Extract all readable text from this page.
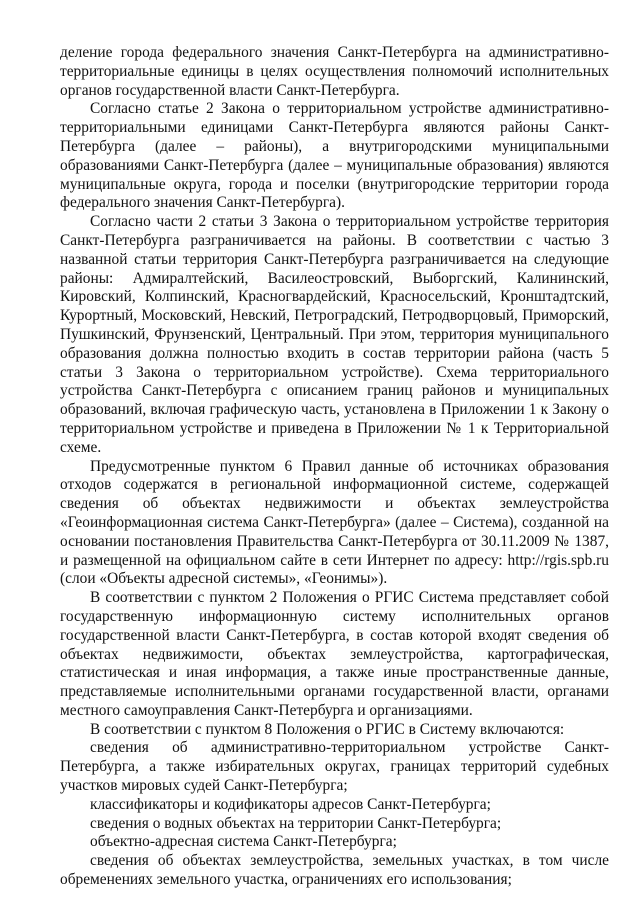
деление города федерального значения Санкт-Петербурга на административно-территориальные единицы в целях осуществления полномочий исполнительных органов государственной власти Санкт-Петербурга.

Согласно статье 2 Закона о территориальном устройстве административно-территориальными единицами Санкт-Петербурга являются районы Санкт-Петербурга (далее – районы), а внутригородскими муниципальными образованиями Санкт-Петербурга (далее – муниципальные образования) являются муниципальные округа, города и поселки (внутригородские территории города федерального значения Санкт-Петербурга).

Согласно части 2 статьи 3 Закона о территориальном устройстве территория Санкт-Петербурга разграничивается на районы. В соответствии с частью 3 названной статьи территория Санкт-Петербурга разграничивается на следующие районы: Адмиралтейский, Василеостровский, Выборгский, Калининский, Кировский, Колпинский, Красногвардейский, Красносельский, Кронштадтский, Курортный, Московский, Невский, Петроградский, Петродворцовый, Приморский, Пушкинский, Фрунзенский, Центральный. При этом, территория муниципального образования должна полностью входить в состав территории района (часть 5 статьи 3 Закона о территориальном устройстве). Схема территориального устройства Санкт-Петербурга с описанием границ районов и муниципальных образований, включая графическую часть, установлена в Приложении 1 к Закону о территориальном устройстве и приведена в Приложении № 1 к Территориальной схеме.

Предусмотренные пунктом 6 Правил данные об источниках образования отходов содержатся в региональной информационной системе, содержащей сведения об объектах недвижимости и объектах землеустройства «Геоинформационная система Санкт-Петербурга» (далее – Система), созданной на основании постановления Правительства Санкт-Петербурга от 30.11.2009 № 1387, и размещенной на официальном сайте в сети Интернет по адресу: http://rgis.spb.ru (слои «Объекты адресной системы», «Геонимы»).

В соответствии с пунктом 2 Положения о РГИС Система представляет собой государственную информационную систему исполнительных органов государственной власти Санкт-Петербурга, в состав которой входят сведения об объектах недвижимости, объектах землеустройства, картографическая, статистическая и иная информация, а также иные пространственные данные, представляемые исполнительными органами государственной власти, органами местного самоуправления Санкт-Петербурга и организациями.

В соответствии с пунктом 8 Положения о РГИС в Систему включаются:

сведения об административно-территориальном устройстве Санкт-Петербурга, а также избирательных округах, границах территорий судебных участков мировых судей Санкт-Петербурга;

классификаторы и кодификаторы адресов Санкт-Петербурга;

сведения о водных объектах на территории Санкт-Петербурга;

объектно-адресная система Санкт-Петербурга;

сведения об объектах землеустройства, земельных участках, в том числе обременениях земельного участка, ограничениях его использования;
